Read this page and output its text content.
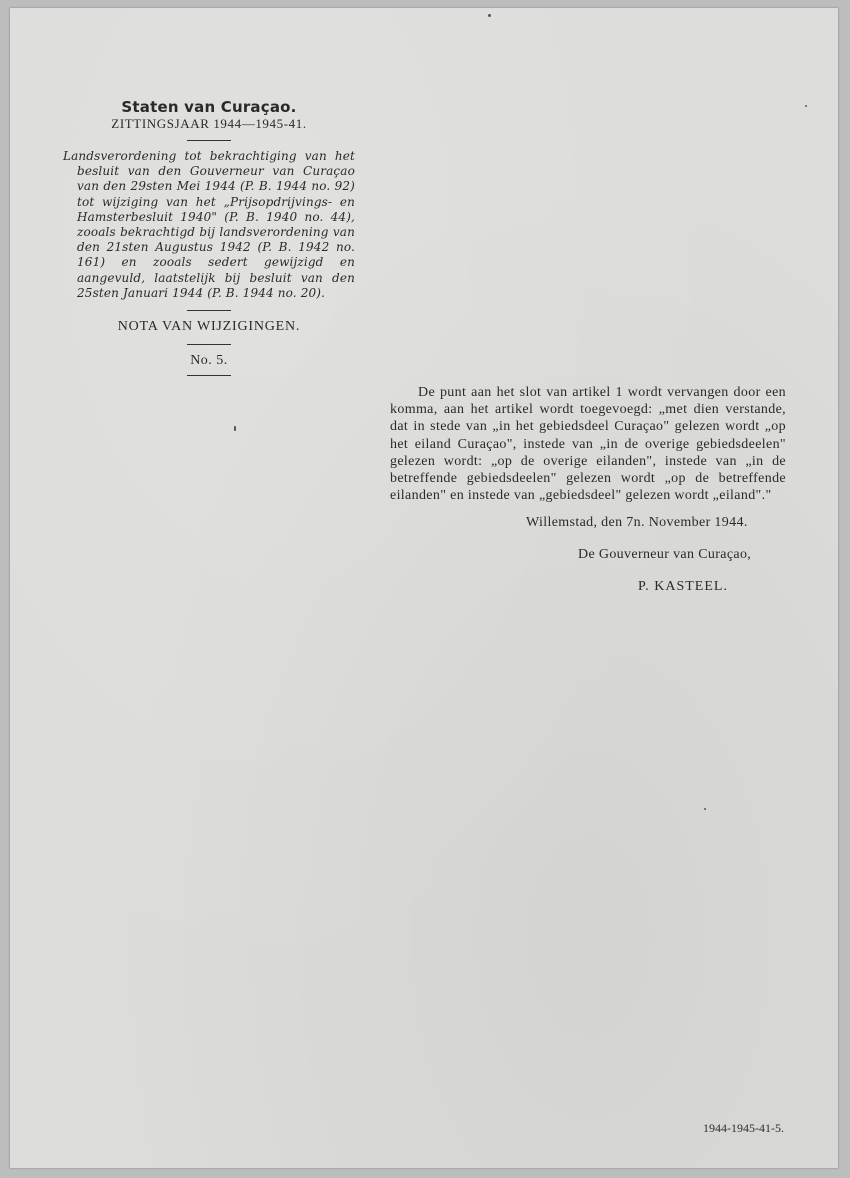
Staten van Curaçao.

ZITTINGSJAAR 1944—1945-41.

Landsverordening tot bekrachtiging van het besluit van den Gouverneur van Curaçao van den 29sten Mei 1944 (P. B. 1944 no. 92) tot wijziging van het „Prijsopdrijvings- en Hamsterbesluit 1940" (P. B. 1940 no. 44), zooals bekrachtigd bij landsverordening van den 21sten Augustus 1942 (P. B. 1942 no. 161) en zooals sedert gewijzigd en aangevuld, laatstelijk bij besluit van den 25sten Januari 1944 (P. B. 1944 no. 20).

NOTA VAN WIJZIGINGEN.

No. 5.

De punt aan het slot van artikel 1 wordt vervangen door een komma, aan het artikel wordt toegevoegd: „met dien verstande, dat in stede van „in het gebiedsdeel Curaçao" gelezen wordt „op het eiland Curaçao", instede van „in de overige gebiedsdeelen" gelezen wordt: „op de overige eilanden", instede van „in de betreffende gebiedsdeelen" gelezen wordt „op de betreffende eilanden" en instede van „gebiedsdeel" gelezen wordt „eiland"."

Willemstad, den 7n. November 1944.

De Gouverneur van Curaçao,

P. KASTEEL.

1944-1945-41-5.
